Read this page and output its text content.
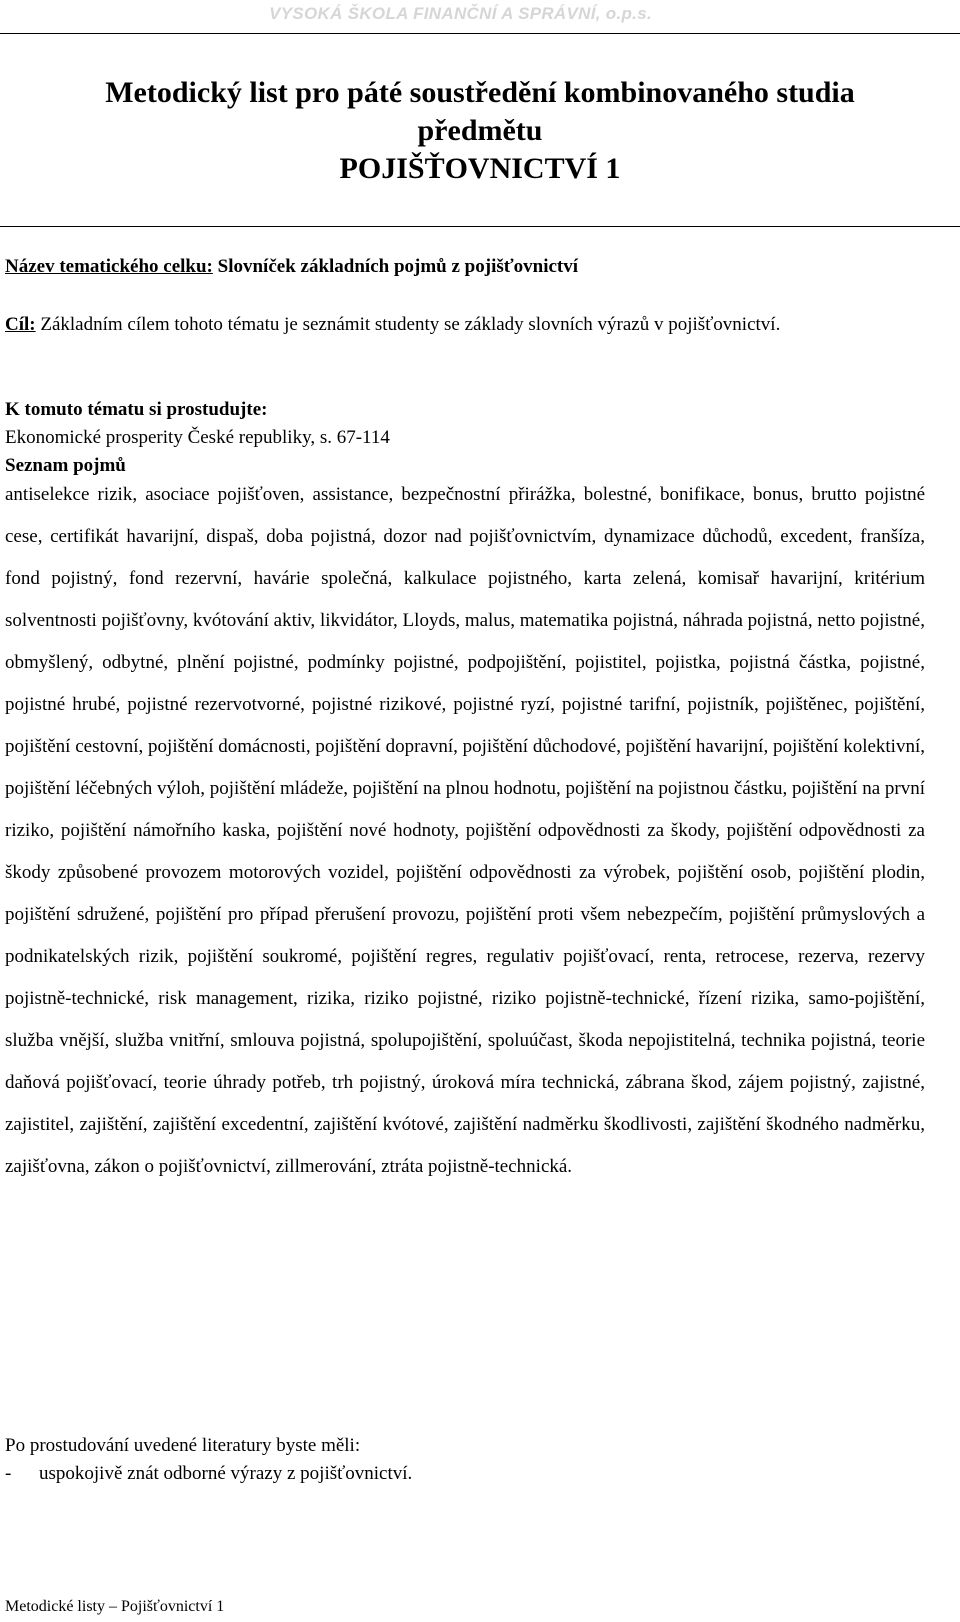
VYSOKÁ ŠKOLA FINANČNÍ A SPRÁVNÍ, o.p.s.

Metodický list pro páté soustředění kombinovaného studia
předmětu
POJIŠŤOVNICTVÍ 1

Název tematického celku: Slovníček základních pojmů z pojišťovnictví

Cíl: Základním cílem tohoto tématu je seznámit studenty se základy slovních výrazů v pojišťovnictví.

K tomuto tématu si prostudujte:
Ekonomické prosperity České republiky, s. 67-114
Seznam pojmů

antiselekce rizik, asociace pojišťoven, assistance, bezpečnostní přirážka, bolestné, bonifikace, bonus, brutto pojistné cese, certifikát havarijní, dispaš, doba pojistná, dozor nad pojišťovnictvím, dynamizace důchodů, excedent, franšíza, fond pojistný, fond rezervní, havárie společná, kalkulace pojistného, karta zelená, komisař havarijní, kritérium solventnosti pojišťovny, kvótování aktiv, likvidátor, Lloyds, malus, matematika pojistná, náhrada pojistná, netto pojistné, obmyšlený, odbytné, plnění pojistné, podmínky pojistné, podpojištění, pojistitel, pojistka, pojistná částka, pojistné, pojistné hrubé, pojistné rezervotvorné, pojistné rizikové, pojistné ryzí, pojistné tarifní, pojistník, pojištěnec, pojištění, pojištění cestovní, pojištění domácnosti, pojištění dopravní, pojištění důchodové, pojištění havarijní, pojištění kolektivní, pojištění léčebných výloh, pojištění mládeže, pojištění na plnou hodnotu, pojištění na pojistnou částku, pojištění na první riziko, pojištění námořního kaska, pojištění nové hodnoty, pojištění odpovědnosti za škody, pojištění odpovědnosti za škody způsobené provozem motorových vozidel, pojištění odpovědnosti za výrobek, pojištění osob, pojištění plodin, pojištění sdružené, pojištění pro případ přerušení provozu, pojištění proti všem nebezpečím, pojištění průmyslových a podnikatelských rizik, pojištění soukromé, pojištění regres, regulativ pojišťovací, renta, retrocese, rezerva, rezervy pojistně-technické, risk management, rizika, riziko pojistné, riziko pojistně-technické, řízení rizika, samo-pojištění, služba vnější, služba vnitřní, smlouva pojistná, spolupojištění, spoluúčast, škoda nepojistitelná, technika pojistná, teorie daňová pojišťovací, teorie úhrady potřeb, trh pojistný, úroková míra technická, zábrana škod, zájem pojistný, zajistné, zajistitel, zajištění, zajištění excedentní, zajištění kvótové, zajištění nadměrku škodlivosti, zajištění škodného nadměrku, zajišťovna, zákon o pojišťovnictví, zillmerování, ztráta pojistně-technická.

Po prostudování uvedené literatury byste měli:
- uspokojivě znát odborné výrazy z pojišťovnictví.

Metodické listy – Pojišťovnictví 1
